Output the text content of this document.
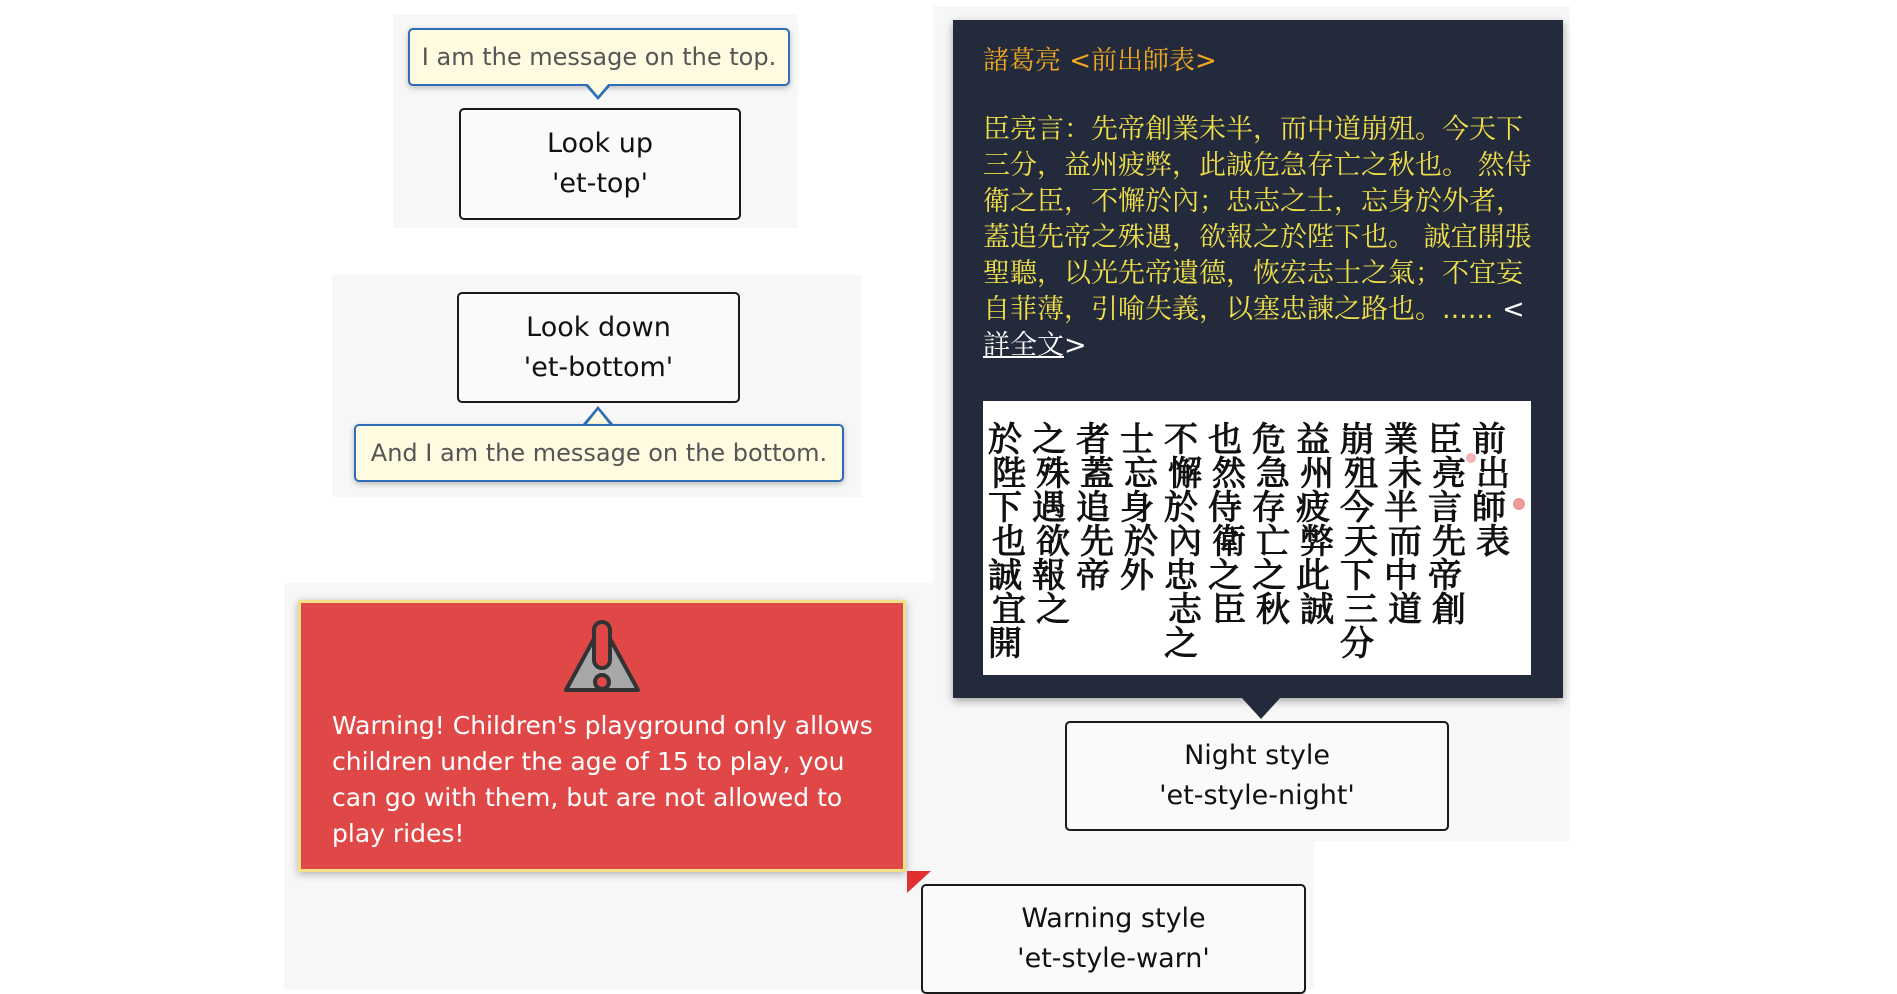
I am the message on the top.
Look up
'et-top'
Look down
'et-bottom'
And I am the message on the bottom.
諸葛亮 <前出師表>
臣亮言：先帝創業未半，而中道崩殂。今天下三分，益州疲弊，此誠危急存亡之秋也。 然侍衛之臣，不懈於內；忠志之士，忘身於外者，蓋追先帝之殊遇，欲報之於陛下也。 誠宜開張聖聽，以光先帝遺德，恢宏志士之氣；不宜妄自菲薄，引喻失義，以塞忠諫之路也。...... <詳全文>
前出師表
臣亮言先帝創
業未半而中道
崩殂今天下三分
益州疲弊此誠
危急存亡之秋
也然侍衛之臣
不懈於內忠志之
士忘身於外
者蓋追先帝
之殊遇欲報之
於陛下也誠宜開
Night style
'et-style-night'
Warning! Children's playground only allows children under the age of 15 to play, you can go with them, but are not allowed to play rides!
Warning style
'et-style-warn'
